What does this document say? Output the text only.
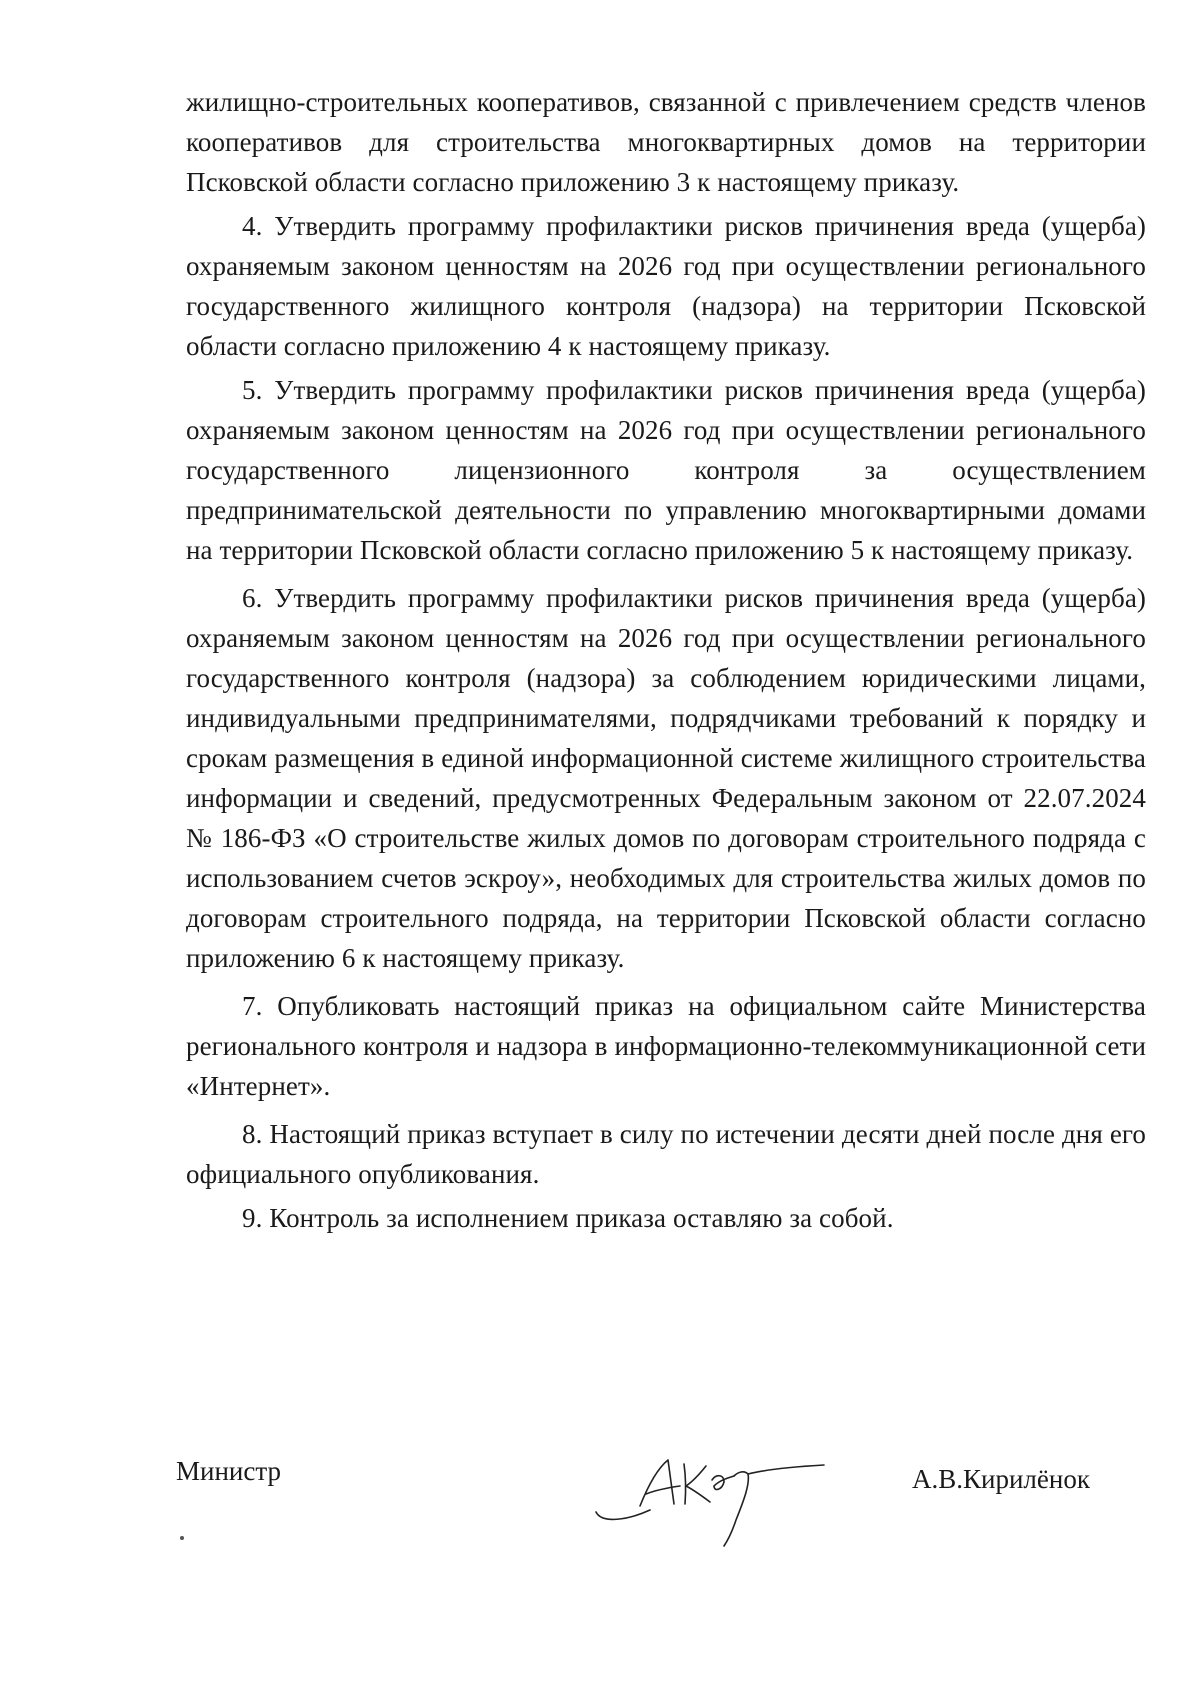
жилищно-строительных кооперативов, связанной с привлечением средств членов кооперативов для строительства многоквартирных домов на территории Псковской области согласно приложению 3 к настоящему приказу.

4. Утвердить программу профилактики рисков причинения вреда (ущерба) охраняемым законом ценностям на 2026 год при осуществлении регионального государственного жилищного контроля (надзора) на территории Псковской области согласно приложению 4 к настоящему приказу.

5. Утвердить программу профилактики рисков причинения вреда (ущерба) охраняемым законом ценностям на 2026 год при осуществлении регионального государственного лицензионного контроля за осуществлением предпринимательской деятельности по управлению многоквартирными домами на территории Псковской области согласно приложению 5 к настоящему приказу.

6. Утвердить программу профилактики рисков причинения вреда (ущерба) охраняемым законом ценностям на 2026 год при осуществлении регионального государственного контроля (надзора) за соблюдением юридическими лицами, индивидуальными предпринимателями, подрядчиками требований к порядку и срокам размещения в единой информационной системе жилищного строительства информации и сведений, предусмотренных Федеральным законом от 22.07.2024 № 186-ФЗ «О строительстве жилых домов по договорам строительного подряда с использованием счетов эскроу», необходимых для строительства жилых домов по договорам строительного подряда, на территории Псковской области согласно приложению 6 к настоящему приказу.

7. Опубликовать настоящий приказ на официальном сайте Министерства регионального контроля и надзора в информационно-телекоммуникационной сети «Интернет».

8. Настоящий приказ вступает в силу по истечении десяти дней после дня его официального опубликования.

9. Контроль за исполнением приказа оставляю за собой.

Министр	А.В.Кирилёнок
